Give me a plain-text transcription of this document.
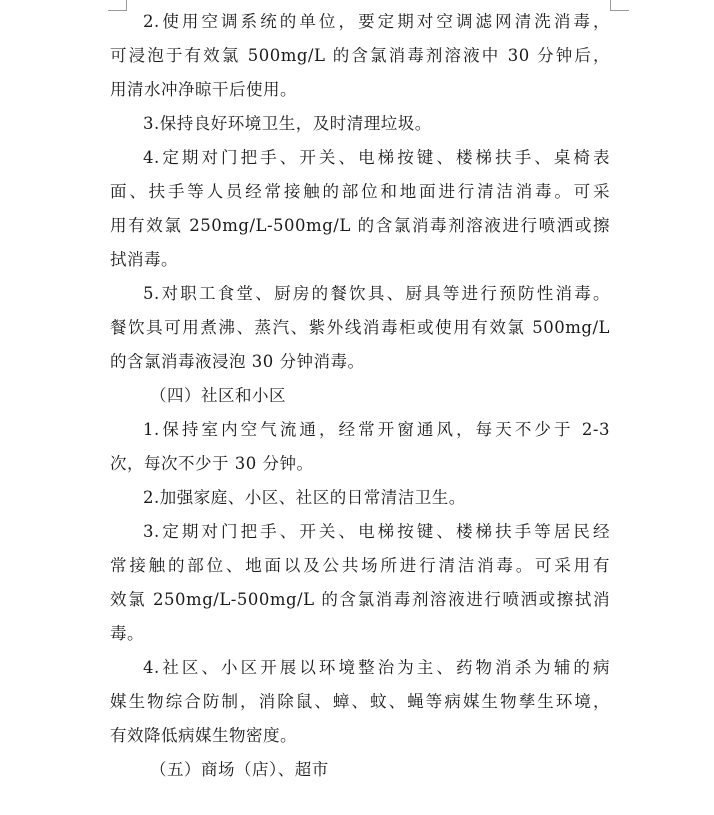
2.使用空调系统的单位，要定期对空调滤网清洗消毒，
可浸泡于有效氯 500mg/L 的含氯消毒剂溶液中 30 分钟后，
用清水冲净晾干后使用。
3.保持良好环境卫生，及时清理垃圾。
4.定期对门把手、开关、电梯按键、楼梯扶手、桌椅表
面、扶手等人员经常接触的部位和地面进行清洁消毒。可采
用有效氯 250mg/L-500mg/L 的含氯消毒剂溶液进行喷洒或擦
拭消毒。
5.对职工食堂、厨房的餐饮具、厨具等进行预防性消毒。
餐饮具可用煮沸、蒸汽、紫外线消毒柜或使用有效氯 500mg/L
的含氯消毒液浸泡 30 分钟消毒。
（四）社区和小区
1.保持室内空气流通，经常开窗通风，每天不少于 2-3
次，每次不少于 30 分钟。
2.加强家庭、小区、社区的日常清洁卫生。
3.定期对门把手、开关、电梯按键、楼梯扶手等居民经
常接触的部位、地面以及公共场所进行清洁消毒。可采用有
效氯 250mg/L-500mg/L 的含氯消毒剂溶液进行喷洒或擦拭消
毒。
4.社区、小区开展以环境整治为主、药物消杀为辅的病
媒生物综合防制，消除鼠、蟑、蚊、蝇等病媒生物孳生环境，
有效降低病媒生物密度。
（五）商场（店）、超市
